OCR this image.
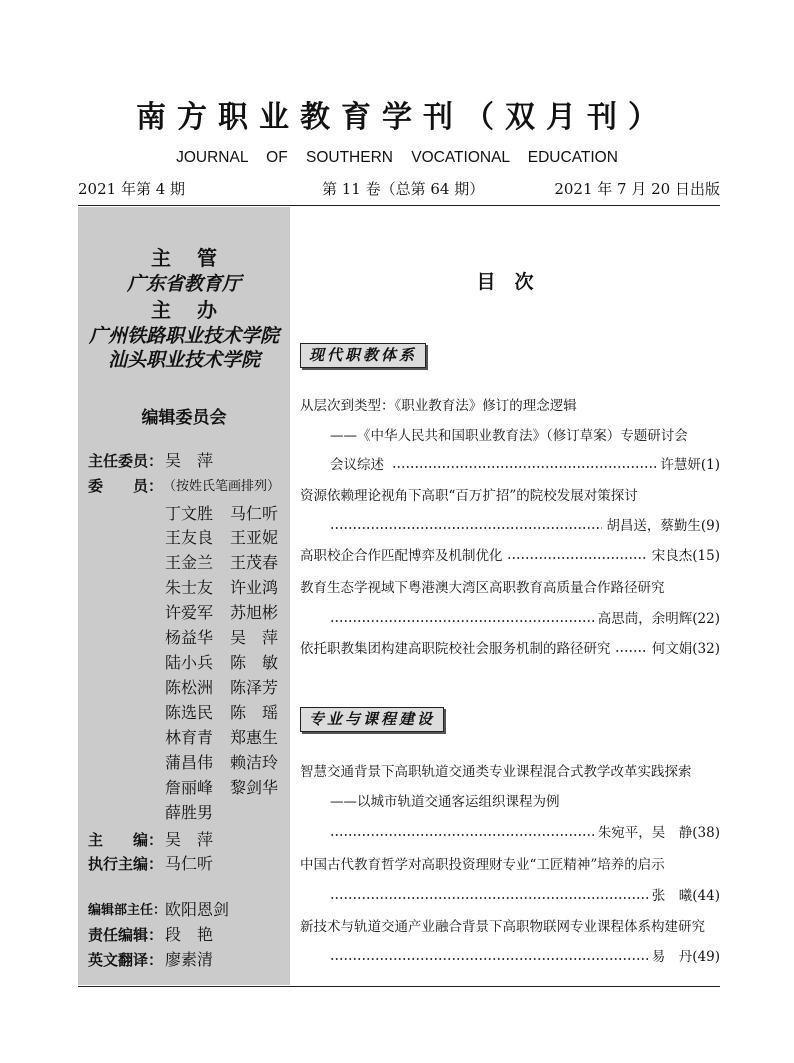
南方职业教育学刊（双月刊）
JOURNAL OF SOUTHERN VOCATIONAL EDUCATION
2021 年第 4 期	第 11 卷（总第 64 期）	2021 年 7 月 20 日出版
主　管
广东省教育厅
主　办
广州铁路职业技术学院
汕头职业技术学院
编辑委员会
主任委员： 吴　萍
委　　员： （按姓氏笔画排列）
丁文胜 马仁听
王友良 王亚妮
王金兰 王茂春
朱士友 许业鸿
许爱军 苏旭彬
杨益华 吴　萍
陆小兵 陈　敏
陈松洲 陈泽芳
陈选民 陈　瑶
林育青 郑惠生
蒲昌伟 赖洁玲
詹丽峰 黎剑华
薛胜男
主　　编： 吴　萍
执行主编： 马仁听
编辑部主任：
欧阳恩剑
责任编辑： 段　艳
英文翻译： 廖素清
目　次
现代职教体系
从层次到类型：《职业教育法》修订的理念逻辑
——《中华人民共和国职业教育法》（修订草案）专题研讨会
会议综述	许慧妍 (1)
资源依赖理论视角下高职“百万扩招”的院校发展对策探讨
胡昌送，蔡勤生 (9)
高职校企合作匹配博弈及机制优化	宋良杰 (15)
教育生态学视域下粤港澳大湾区高职教育高质量合作路径研究
高思茼，余明辉 (22)
依托职教集团构建高职院校社会服务机制的路径研究	何文娟 (32)
专业与课程建设
智慧交通背景下高职轨道交通类专业课程混合式教学改革实践探索
——以城市轨道交通客运组织课程为例
朱宛平，吴　静 (38)
中国古代教育哲学对高职投资理财专业“工匠精神”培养的启示
张　曦 (44)
新技术与轨道交通产业融合背景下高职物联网专业课程体系构建研究
易　丹 (49)
